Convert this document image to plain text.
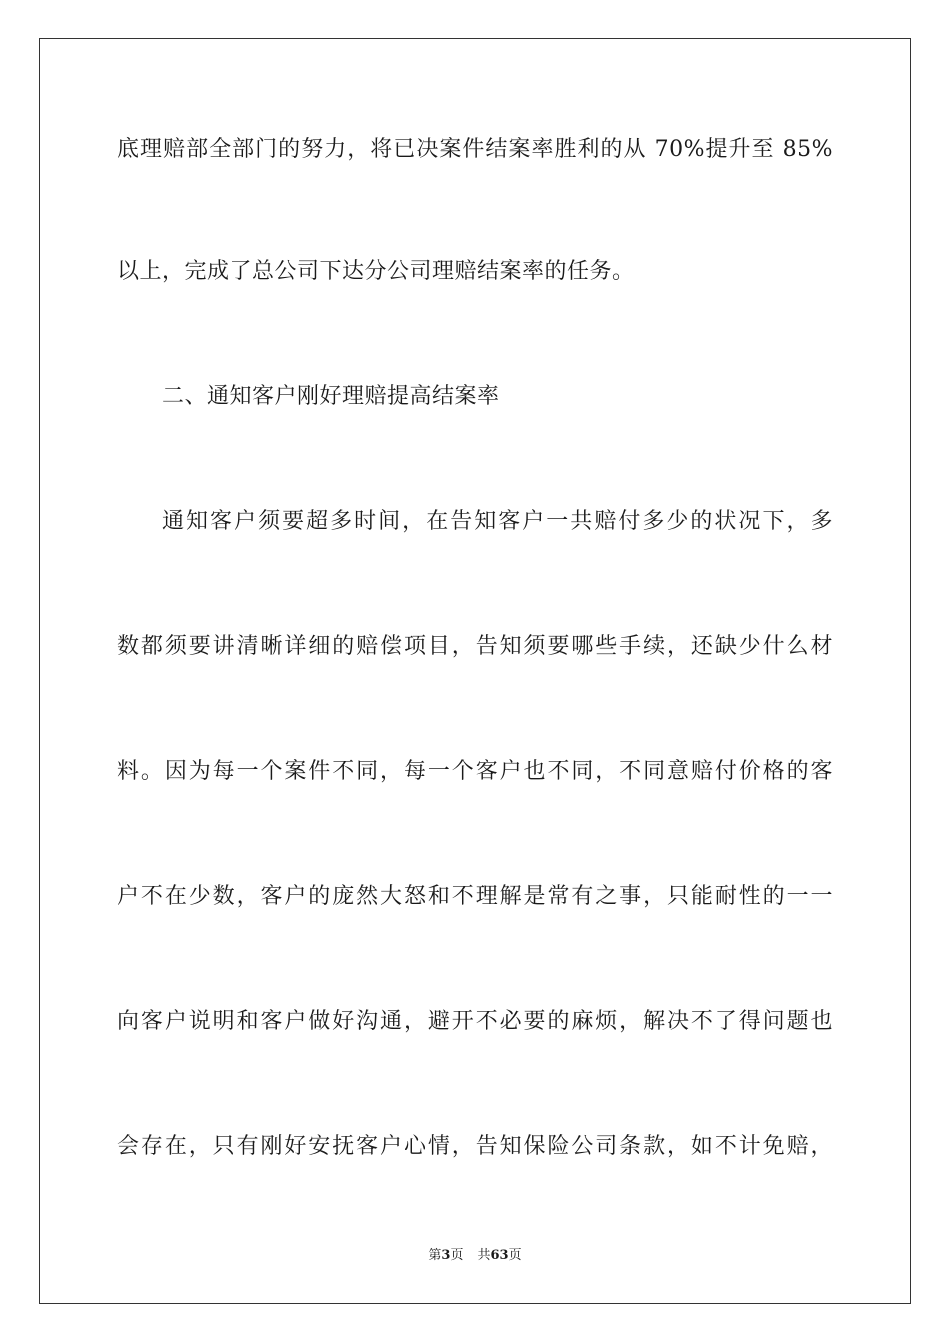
底理赔部全部门的努力，将已决案件结案率胜利的从 70%提升至 85%
以上，完成了总公司下达分公司理赔结案率的任务。
二、通知客户刚好理赔提高结案率
通知客户须要超多时间，在告知客户一共赔付多少的状况下，多
数都须要讲清晰详细的赔偿项目，告知须要哪些手续，还缺少什么材
料。因为每一个案件不同，每一个客户也不同，不同意赔付价格的客
户不在少数，客户的庞然大怒和不理解是常有之事，只能耐性的一一
向客户说明和客户做好沟通，避开不必要的麻烦，解决不了得问题也
会存在，只有刚好安抚客户心情，告知保险公司条款，如不计免赔，
第3页 共63页
